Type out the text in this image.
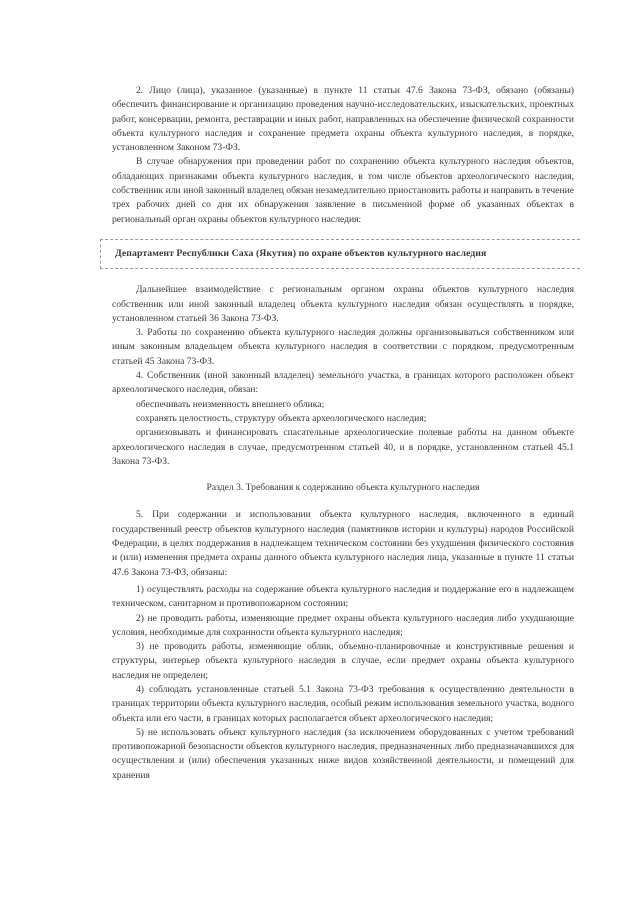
2. Лицо (лица), указанное (указанные) в пункте 11 статьи 47.6 Закона 73-ФЗ, обязано (обязаны) обеспечить финансирование и организацию проведения научно-исследовательских, изыскательских, проектных работ, консервации, ремонта, реставрации и иных работ, направленных на обеспечение физической сохранности объекта культурного наследия и сохранение предмета охраны объекта культурного наследия, в порядке, установленном Законом 73-ФЗ.

В случае обнаружения при проведении работ по сохранению объекта культурного наследия объектов, обладающих признаками объекта культурного наследия, в том числе объектов археологического наследия, собственник или иной законный владелец обязан незамедлительно приостановить работы и направить в течение трех рабочих дней со дня их обнаружения заявление в письменной форме об указанных объектах в региональный орган охраны объектов культурного наследия:

Департамент Республики Саха (Якутия) по охране объектов культурного наследия

Дальнейшее взаимодействие с региональным органом охраны объектов культурного наследия собственник или иной законный владелец объекта культурного наследия обязан осуществлять в порядке, установленном статьей 36 Закона 73-ФЗ.

3. Работы по сохранению объекта культурного наследия должны организовываться собственником или иным законным владельцем объекта культурного наследия в соответствии с порядком, предусмотренным статьей 45 Закона 73-ФЗ.

4. Собственник (иной законный владелец) земельного участка, в границах которого расположен объект археологического наследия, обязан:

обеспечивать неизменность внешнего облика;

сохранять целостность, структуру объекта археологического наследия;

организовывать и финансировать спасательные археологические полевые работы на данном объекте археологического наследия в случае, предусмотренном статьей 40, и в порядке, установленном статьей 45.1 Закона 73-ФЗ.

Раздел 3. Требования к содержанию объекта культурного наследия

5. При содержании и использовании объекта культурного наследия, включенного в единый государственный реестр объектов культурного наследия (памятников истории и культуры) народов Российской Федерации, в целях поддержания в надлежащем техническом состоянии без ухудшения физического состояния и (или) изменения предмета охраны данного объекта культурного наследия лица, указанные в пункте 11 статьи 47.6 Закона 73-ФЗ, обязаны:

1) осуществлять расходы на содержание объекта культурного наследия и поддержание его в надлежащем техническом, санитарном и противопожарном состоянии;

2) не проводить работы, изменяющие предмет охраны объекта культурного наследия либо ухудшающие условия, необходимые для сохранности объекта культурного наследия;

3) не проводить работы, изменяющие облик, объемно-планировочные и конструктивные решения и структуры, интерьер объекта культурного наследия в случае, если предмет охраны объекта культурного наследия не определен;

4) соблюдать установленные статьей 5.1 Закона 73-ФЗ требования к осуществлению деятельности в границах территории объекта культурного наследия, особый режим использования земельного участка, водного объекта или его части, в границах которых располагается объект археологического наследия;

5) не использовать объект культурного наследия (за исключением оборудованных с учетом требований противопожарной безопасности объектов культурного наследия, предназначенных либо предназначавшихся для осуществления и (или) обеспечения указанных ниже видов хозяйственной деятельности, и помещений для хранения
